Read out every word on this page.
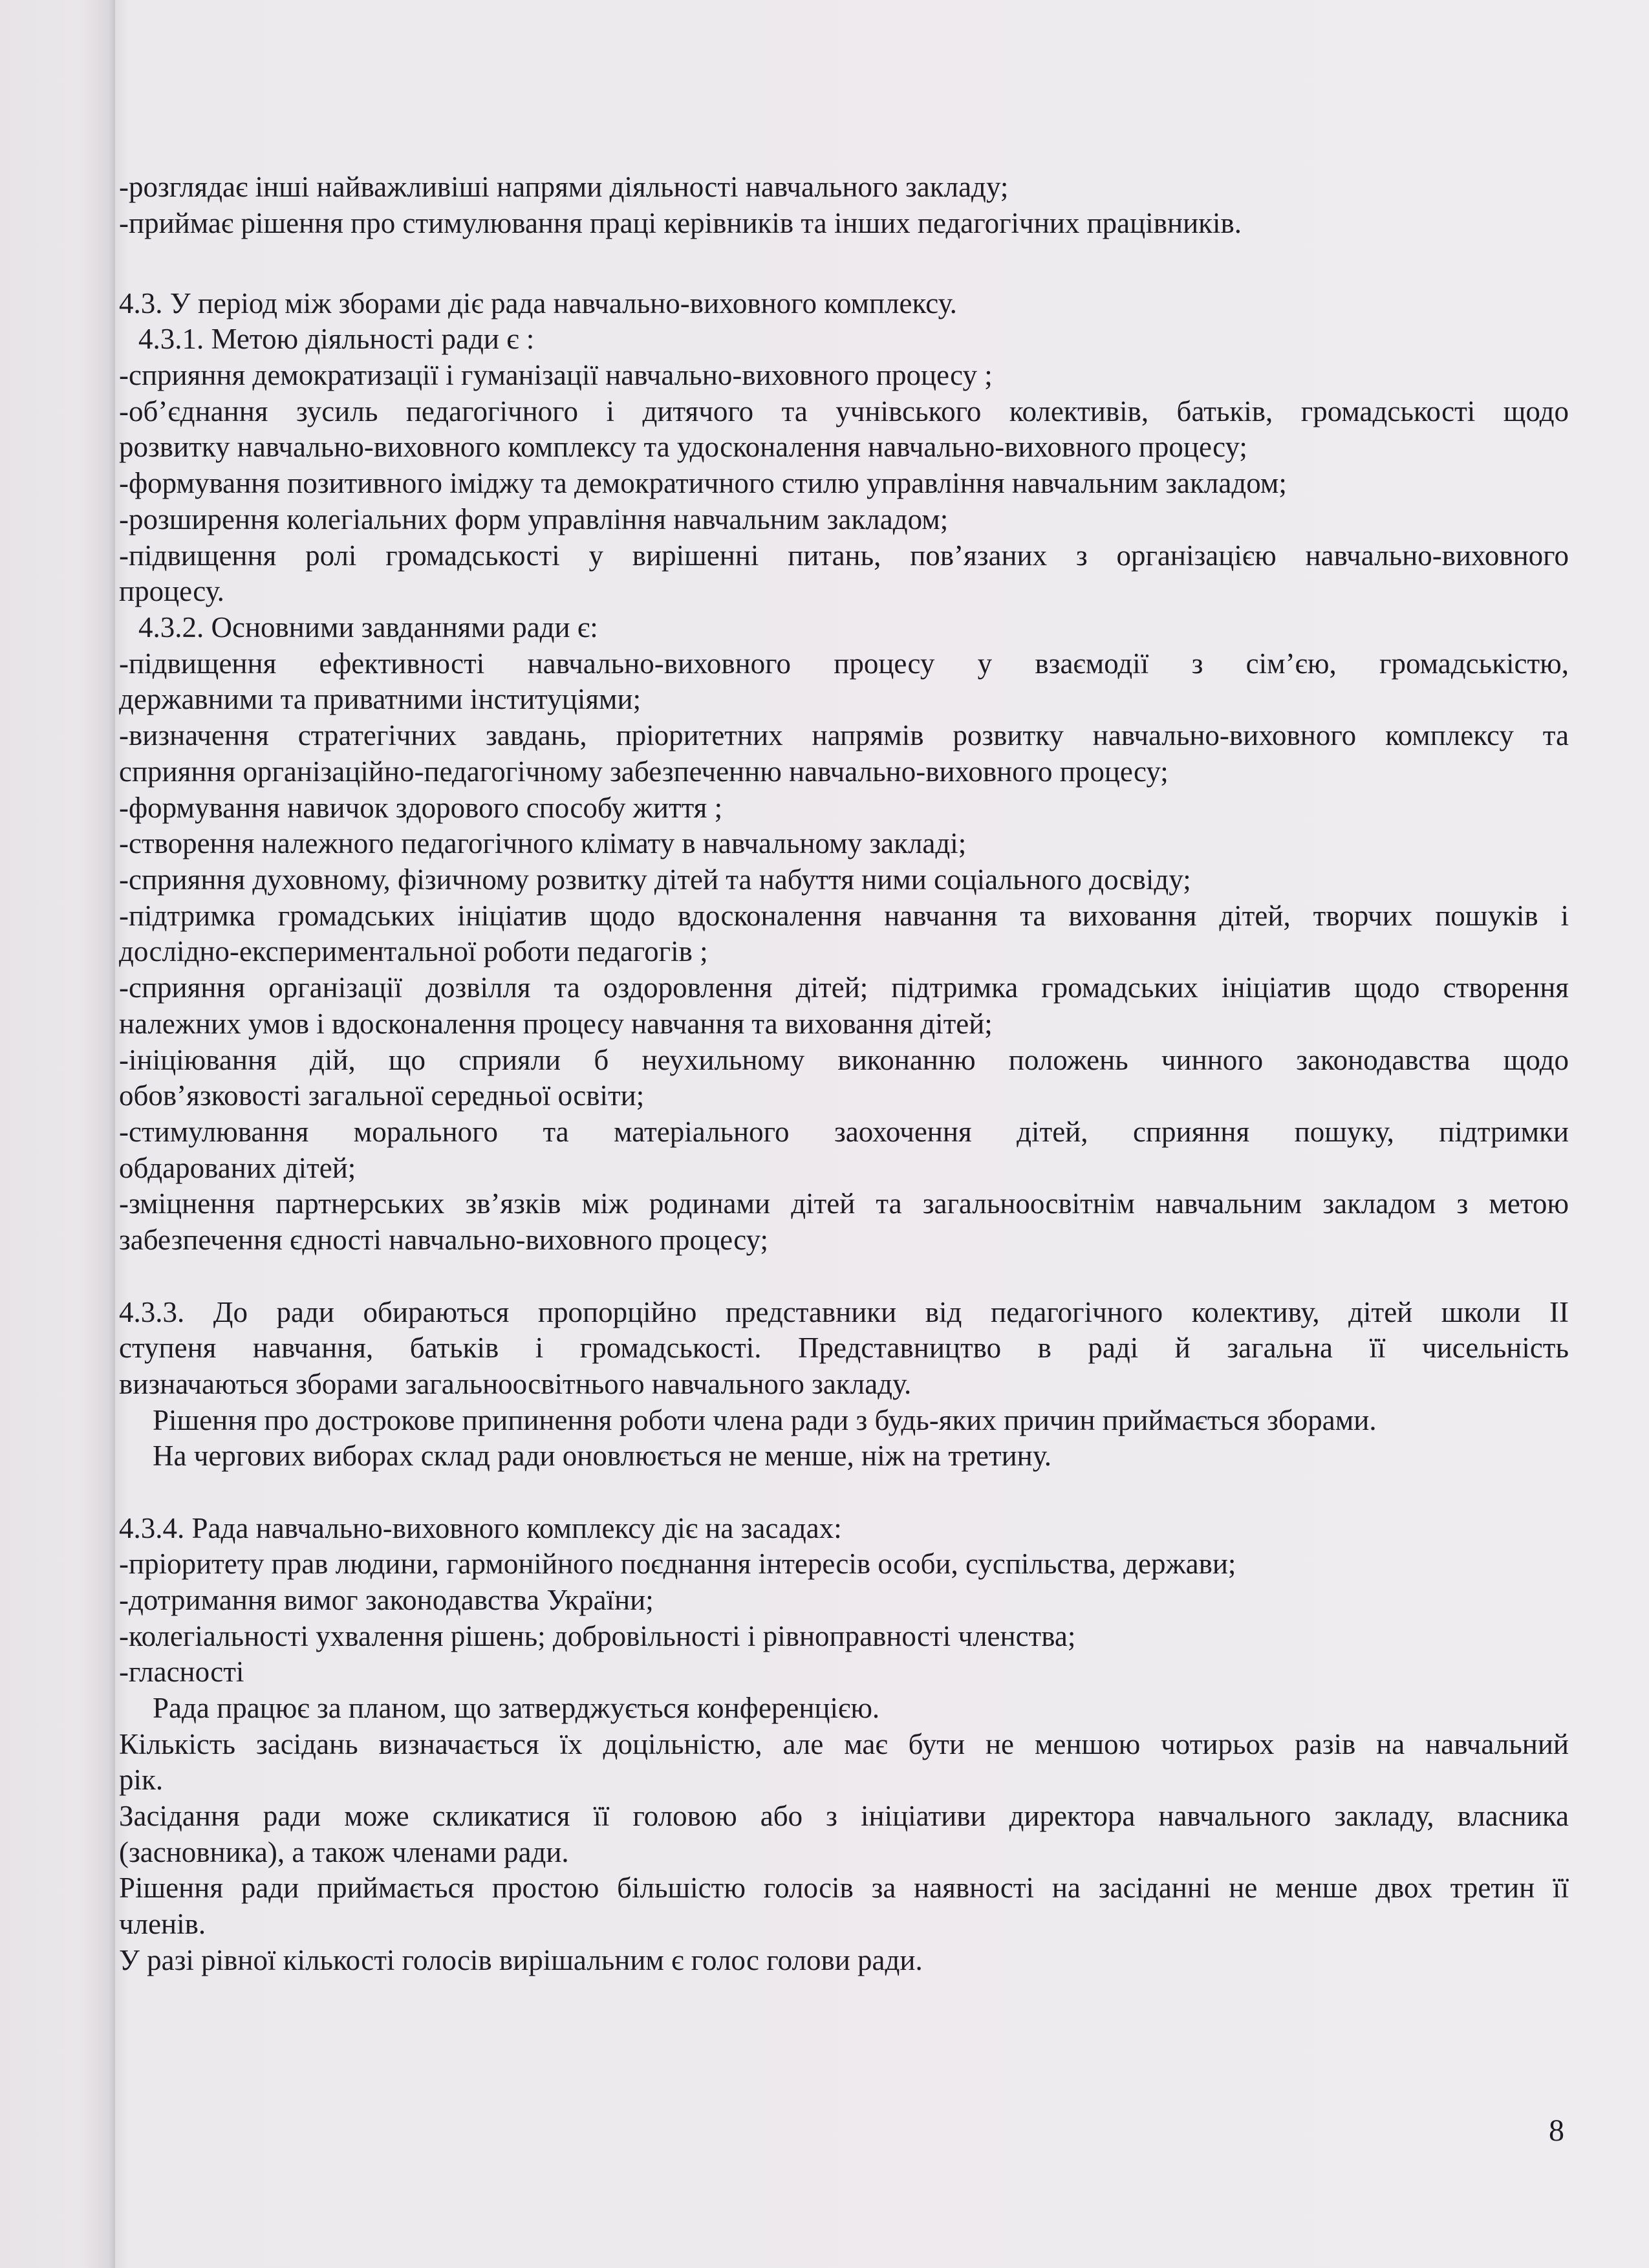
-розглядає інші найважливіші напрями діяльності навчального закладу;
-приймає рішення про стимулювання праці керівників та інших педагогічних працівників.
4.3. У період між зборами діє рада навчально-виховного комплексу.
4.3.1. Метою діяльності ради є :
-сприяння демократизації і гуманізації навчально-виховного процесу ;
-об’єднання зусиль педагогічного і дитячого та учнівського колективів, батьків, громадськості щодо
розвитку навчально-виховного комплексу та удосконалення навчально-виховного процесу;
-формування позитивного іміджу та демократичного стилю управління навчальним закладом;
-розширення колегіальних форм управління навчальним закладом;
-підвищення ролі громадськості у вирішенні питань, пов’язаних з організацією навчально-виховного
процесу.
4.3.2. Основними завданнями ради є:
-підвищення ефективності навчально-виховного процесу у взаємодії з сім’єю, громадськістю,
державними та приватними інституціями;
-визначення стратегічних завдань, пріоритетних напрямів розвитку навчально-виховного комплексу та
сприяння організаційно-педагогічному забезпеченню навчально-виховного процесу;
-формування навичок здорового способу життя ;
-створення належного педагогічного клімату в навчальному закладі;
-сприяння духовному, фізичному розвитку дітей та набуття ними соціального досвіду;
-підтримка громадських ініціатив щодо вдосконалення навчання та виховання дітей, творчих пошуків і
дослідно-експериментальної роботи педагогів ;
-сприяння організації дозвілля та оздоровлення дітей; підтримка громадських ініціатив щодо створення
належних умов і вдосконалення процесу навчання та виховання дітей;
-ініціювання дій, що сприяли б неухильному виконанню положень чинного законодавства щодо
обов’язковості загальної середньої освіти;
-стимулювання морального та матеріального заохочення дітей, сприяння пошуку, підтримки
обдарованих дітей;
-зміцнення партнерських зв’язків між родинами дітей та загальноосвітнім навчальним закладом з метою
забезпечення єдності навчально-виховного процесу;
4.3.3. До ради обираються пропорційно представники від педагогічного колективу, дітей школи ІІ
ступеня навчання, батьків і громадськості. Представництво в раді й загальна її чисельність
визначаються зборами загальноосвітнього навчального закладу.
Рішення про дострокове припинення роботи члена ради з будь-яких причин приймається зборами.
На чергових виборах склад ради оновлюється не менше, ніж на третину.
4.3.4. Рада навчально-виховного комплексу діє на засадах:
-пріоритету прав людини, гармонійного поєднання інтересів особи, суспільства, держави;
-дотримання вимог законодавства України;
-колегіальності ухвалення рішень; добровільності і рівноправності членства;
-гласності
Рада працює за планом, що затверджується конференцією.
Кількість засідань визначається їх доцільністю, але має бути не меншою чотирьох разів на навчальний
рік.
Засідання ради може скликатися її головою або з ініціативи директора навчального закладу, власника
(засновника), а також членами ради.
Рішення ради приймається простою більшістю голосів за наявності на засіданні не менше двох третин її
членів.
У разі рівної кількості голосів вирішальним є голос голови ради.
8
